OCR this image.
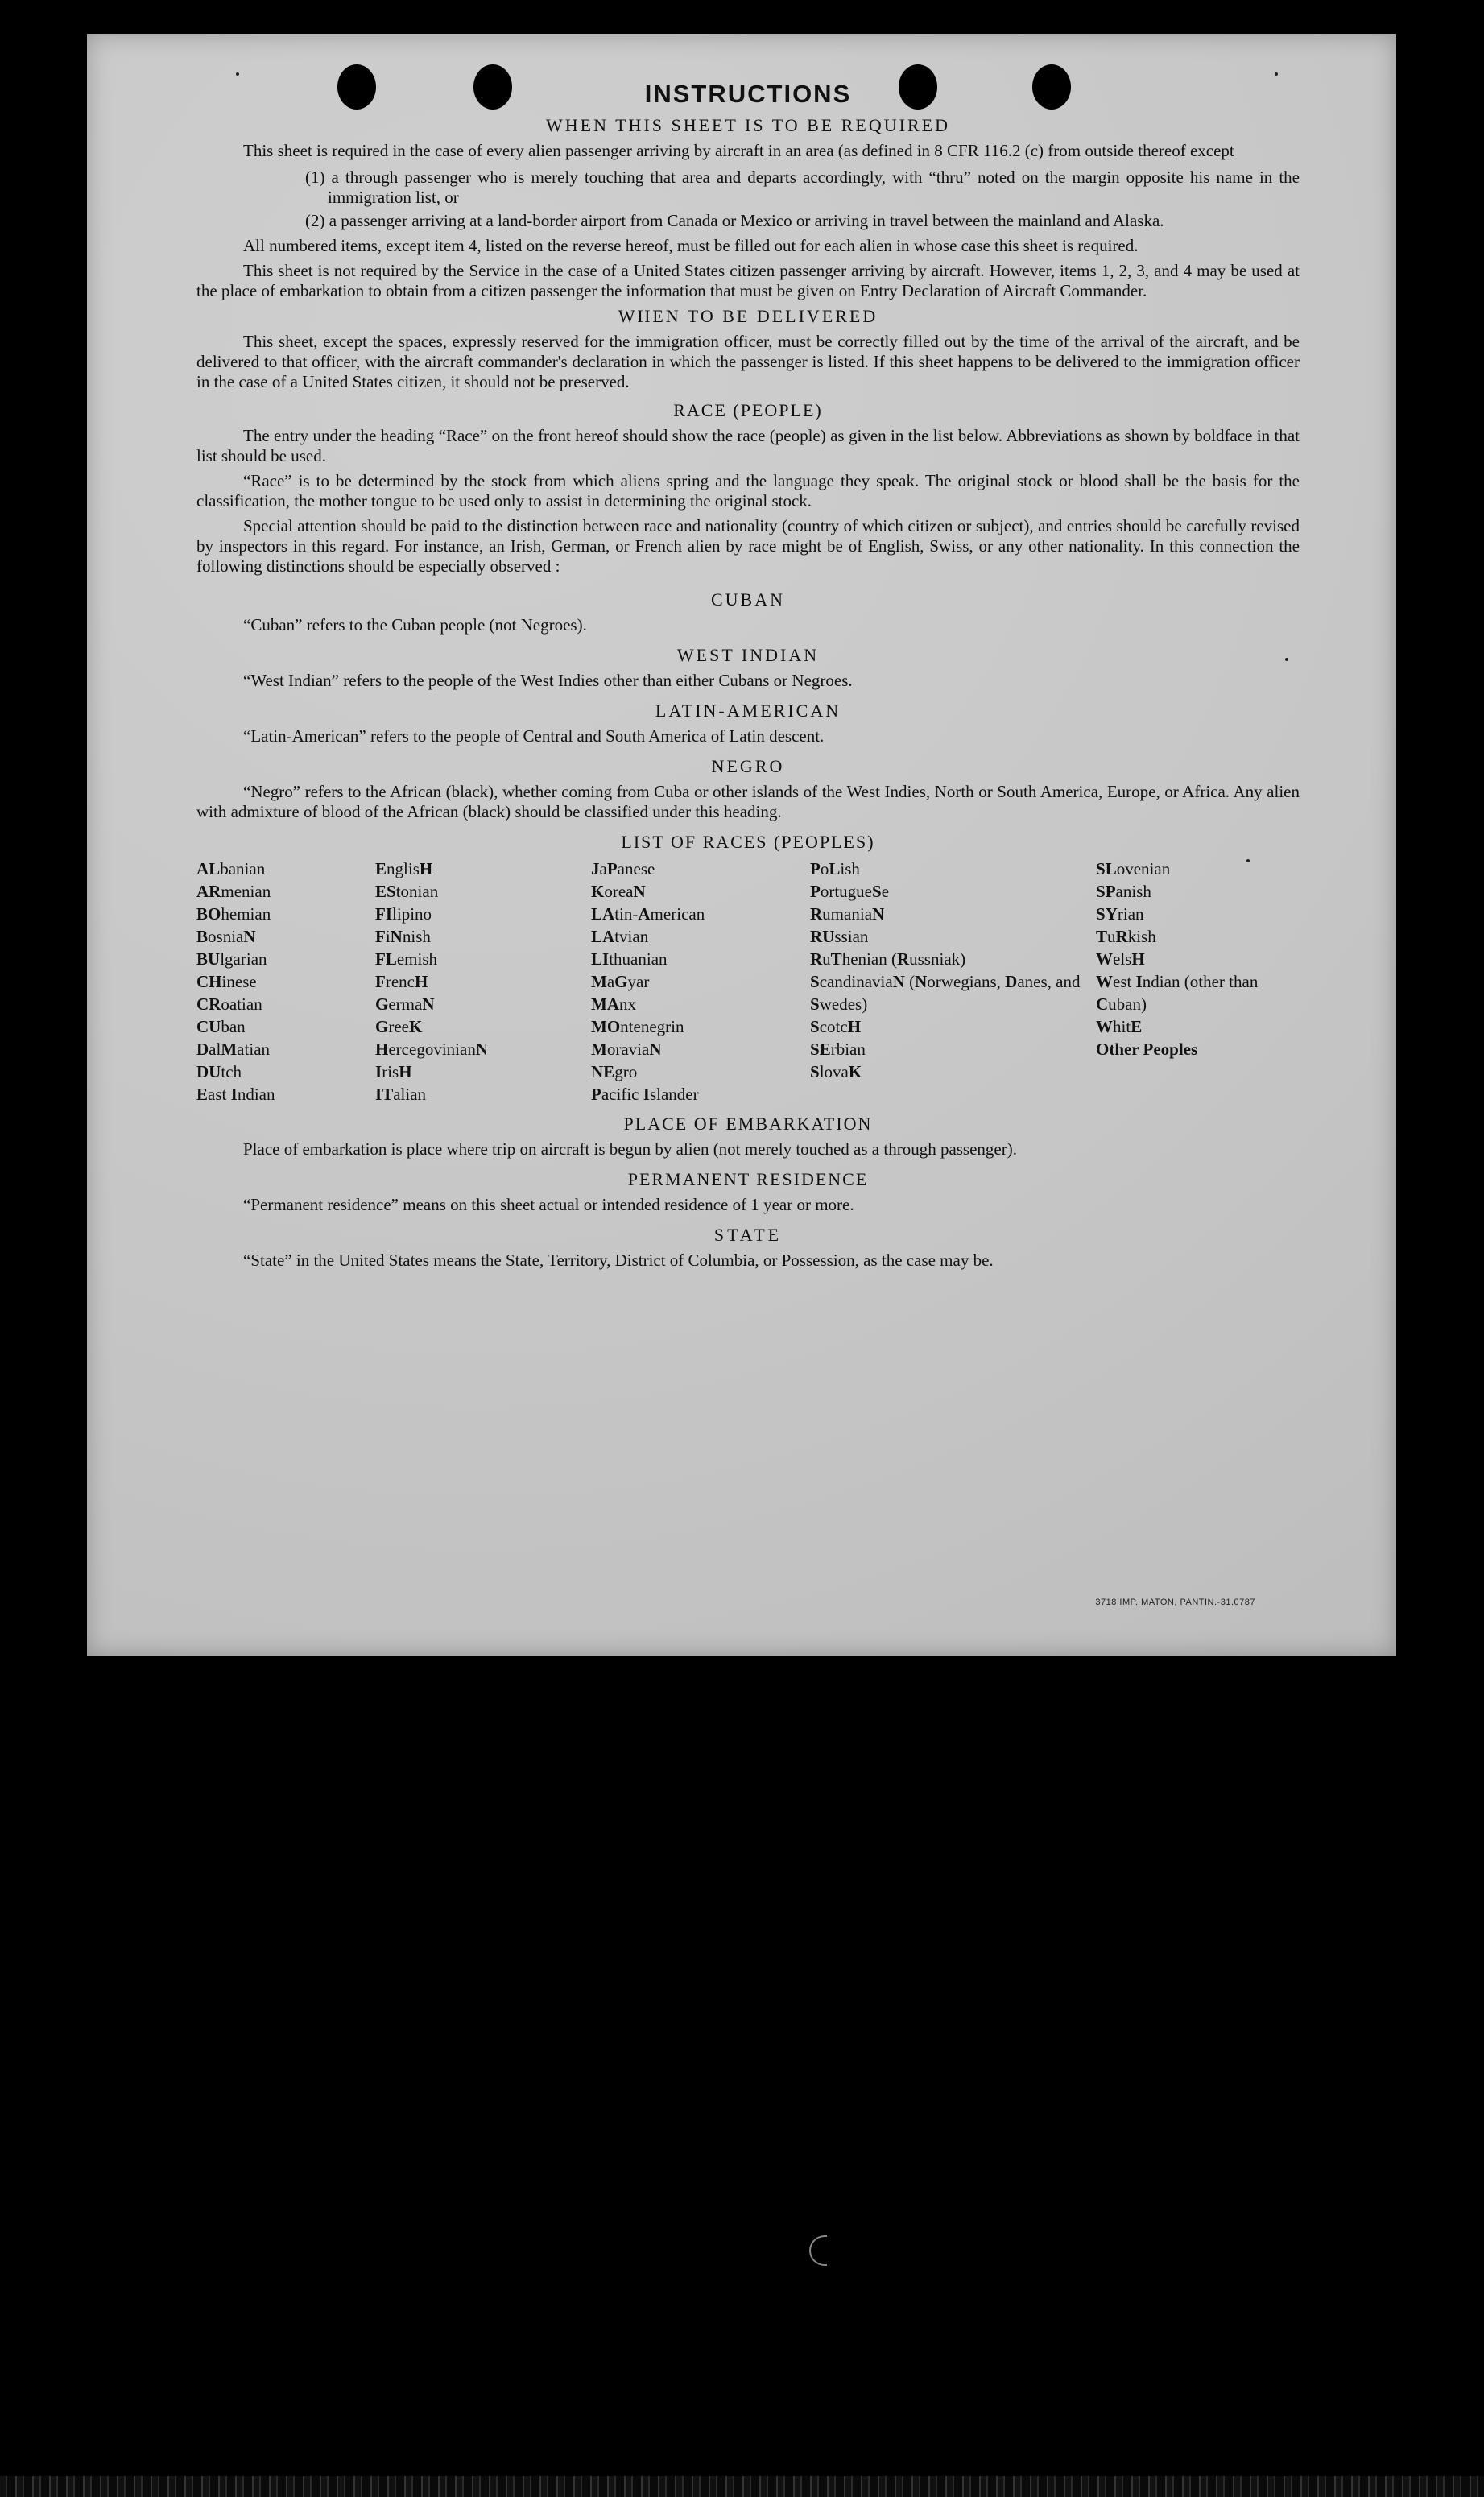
INSTRUCTIONS
WHEN THIS SHEET IS TO BE REQUIRED

This sheet is required in the case of every alien passenger arriving by aircraft in an area (as defined in 8 CFR 116.2 (c) from outside thereof except

(1) a through passenger who is merely touching that area and departs accordingly, with “thru” noted on the margin opposite his name in the immigration list, or

(2) a passenger arriving at a land-border airport from Canada or Mexico or arriving in travel between the mainland and Alaska.

All numbered items, except item 4, listed on the reverse hereof, must be filled out for each alien in whose case this sheet is required.

This sheet is not required by the Service in the case of a United States citizen passenger arriving by aircraft. However, items 1, 2, 3, and 4 may be used at the place of embarkation to obtain from a citizen passenger the information that must be given on Entry Declaration of Aircraft Commander.

WHEN TO BE DELIVERED

This sheet, except the spaces, expressly reserved for the immigration officer, must be correctly filled out by the time of the arrival of the aircraft, and be delivered to that officer, with the aircraft commander's declaration in which the passenger is listed. If this sheet happens to be delivered to the immigration officer in the case of a United States citizen, it should not be preserved.

RACE (PEOPLE)

The entry under the heading “Race” on the front hereof should show the race (people) as given in the list below. Abbreviations as shown by boldface in that list should be used.

“Race” is to be determined by the stock from which aliens spring and the language they speak. The original stock or blood shall be the basis for the classification, the mother tongue to be used only to assist in determining the original stock.

Special attention should be paid to the distinction between race and nationality (country of which citizen or subject), and entries should be carefully revised by inspectors in this regard. For instance, an Irish, German, or French alien by race might be of English, Swiss, or any other nationality. In this connection the following distinctions should be especially observed :

CUBAN

“Cuban” refers to the Cuban people (not Negroes).

WEST INDIAN

“West Indian” refers to the people of the West Indies other than either Cubans or Negroes.

LATIN-AMERICAN

“Latin-American” refers to the people of Central and South America of Latin descent.

NEGRO

“Negro” refers to the African (black), whether coming from Cuba or other islands of the West Indies, North or South America, Europe, or Africa. Any alien with admixture of blood of the African (black) should be classified under this heading.

LIST OF RACES (PEOPLES)
ALbanian
ARmenian
BOhemian
BosniaN
BUlgarian
CHinese
CRoatian
CUban
DalMatian
DUtch
East Indian
EnglisH
EStonian
FIlipino
FiNnish
FLemish
FrencH
GermaN
GreeK
HercegovinianN
IrisH
ITalian
JaPanese
KoreaN
LAtin-American
LAtvian
LIthuanian
MaGyar
MAnx
MOntenegrin
MoraviaN
NEgro
Pacific Islander
PoLish
PortugueSe
RumaniaN
RUssian
RuThenian (Russniak)
ScandinaviaN (Norwegians, Danes, and Swedes)
ScotcH
SErbian
SlovaK
SLovenian
SPanish
SYrian
TuRkish
WelsH
West Indian (other than Cuban)
WhitE
Other Peoples
PLACE OF EMBARKATION

Place of embarkation is place where trip on aircraft is begun by alien (not merely touched as a through passenger).

PERMANENT RESIDENCE

“Permanent residence” means on this sheet actual or intended residence of 1 year or more.

STATE

“State” in the United States means the State, Territory, District of Columbia, or Possession, as the case may be.

3718 IMP. MATON, PANTIN.-31.0787
